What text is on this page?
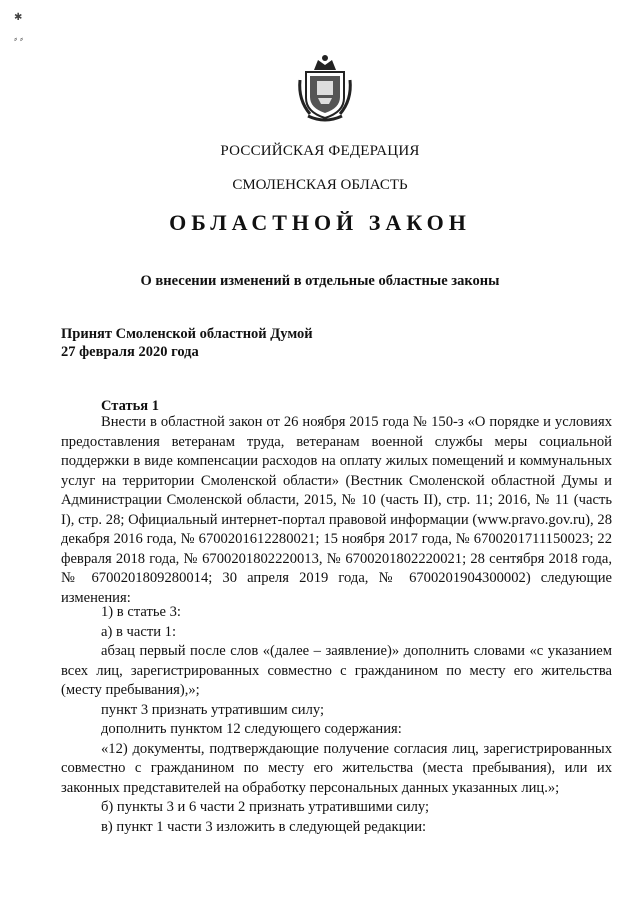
✱

⸗ ⸗
РОССИЙСКАЯ ФЕДЕРАЦИЯ
СМОЛЕНСКАЯ ОБЛАСТЬ
ОБЛАСТНОЙ ЗАКОН
О внесении изменений в отдельные областные законы
Принят Смоленской областной Думой
27 февраля 2020 года
Статья 1

Внести в областной закон от 26 ноября 2015 года № 150-з «О порядке и условиях предоставления ветеранам труда, ветеранам военной службы меры социальной поддержки в виде компенсации расходов на оплату жилых помещений и коммунальных услуг на территории Смоленской области» (Вестник Смоленской областной Думы и Администрации Смоленской области, 2015, № 10 (часть II), стр. 11; 2016, № 11 (часть I), стр. 28; Официальный интернет-портал правовой информации (www.pravo.gov.ru), 28 декабря 2016 года, № 6700201612280021; 15 ноября 2017 года, № 6700201711150023; 22 февраля 2018 года, № 6700201802220013, № 6700201802220021; 28 сентября 2018 года, № 6700201809280014; 30 апреля 2019 года, № 6700201904300002) следующие изменения:

1) в статье 3:

а) в части 1:

абзац первый после слов «(далее – заявление)» дополнить словами «с указанием всех лиц, зарегистрированных совместно с гражданином по месту его жительства (месту пребывания),»;

пункт 3 признать утратившим силу;

дополнить пунктом 12 следующего содержания:

«12) документы, подтверждающие получение согласия лиц, зарегистрированных совместно с гражданином по месту его жительства (места пребывания), или их законных представителей на обработку персональных данных указанных лиц.»;

б) пункты 3 и 6 части 2 признать утратившими силу;

в) пункт 1 части 3 изложить в следующей редакции:
